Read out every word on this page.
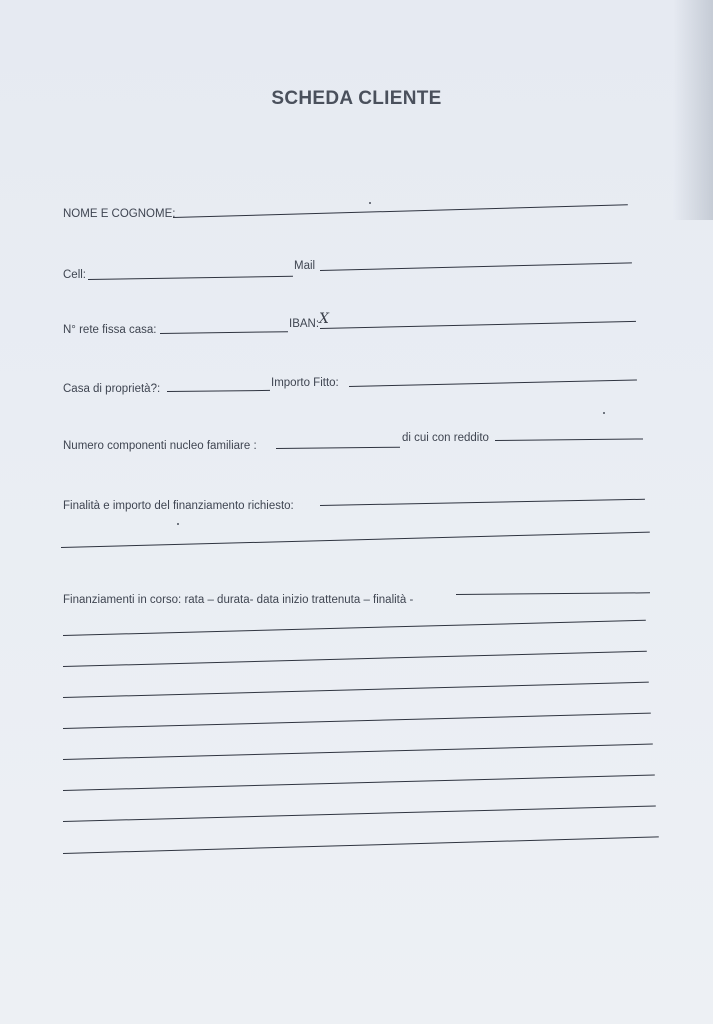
SCHEDA CLIENTE
NOME E COGNOME:
Cell:
Mail
N° rete fissa casa:	IBAN: X
Casa di proprietà?:	Importo Fitto:
Numero componenti nucleo familiare :
di cui con reddito
Finalità e importo del finanziamento richiesto:
Finanziamenti in corso: rata – durata- data inizio trattenuta – finalità -
